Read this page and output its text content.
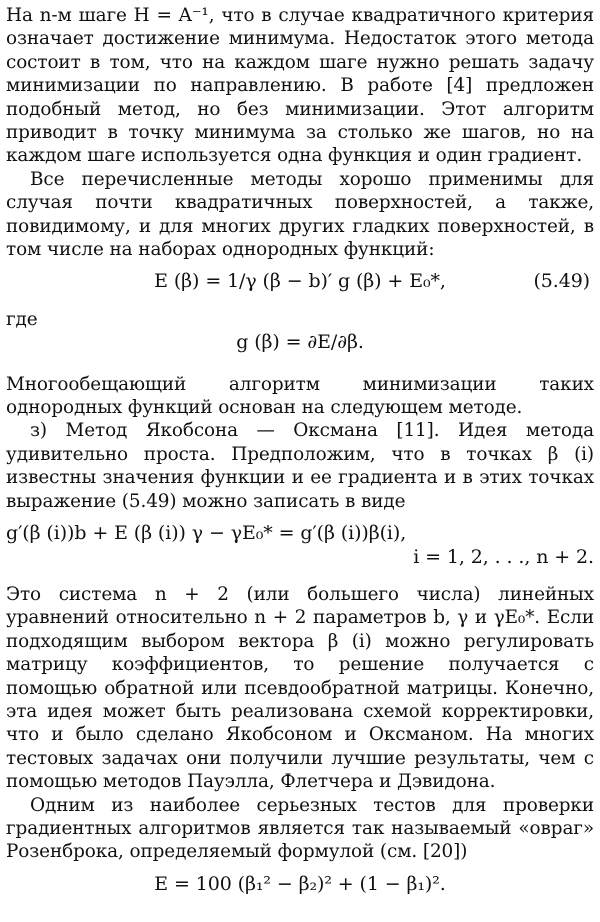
На n-м шаге H = A⁻¹, что в случае квадратичного критерия означает достижение минимума. Недостаток этого метода состоит в том, что на каждом шаге нужно решать задачу минимизации по направлению. В работе [4] предложен подобный метод, но без минимизации. Этот алгоритм приводит в точку минимума за столько же шагов, но на каждом шаге используется одна функция и один градиент.

Все перечисленные методы хорошо применимы для случая почти квадратичных поверхностей, а также, повидимому, и для многих других гладких поверхностей, в том числе на наборах однородных функций:

E (β) = 1/γ (β − b)′ g (β) + E₀*,	(5.49)

где

g (β) = ∂E/∂β.

Многообещающий алгоритм минимизации таких однородных функций основан на следующем методе.

з) Метод Якобсона — Оксмана [11]. Идея метода удивительно проста. Предположим, что в точках β (i) известны значения функции и ее градиента и в этих точках выражение (5.49) можно записать в виде

g′(β (i))b + E (β (i)) γ − γE₀* = g′(β (i))β(i),
i = 1, 2, . . ., n + 2.

Это система n + 2 (или большего числа) линейных уравнений относительно n + 2 параметров b, γ и γE₀*. Если подходящим выбором вектора β (i) можно регулировать матрицу коэффициентов, то решение получается с помощью обратной или псевдообратной матрицы. Конечно, эта идея может быть реализована схемой корректировки, что и было сделано Якобсоном и Оксманом. На многих тестовых задачах они получили лучшие результаты, чем с помощью методов Пауэлла, Флетчера и Дэвидона.

Одним из наиболее серьезных тестов для проверки градиентных алгоритмов является так называемый «овраг» Розенброка, определяемый формулой (см. [20])

E = 100 (β₁² − β₂)² + (1 − β₁)².
